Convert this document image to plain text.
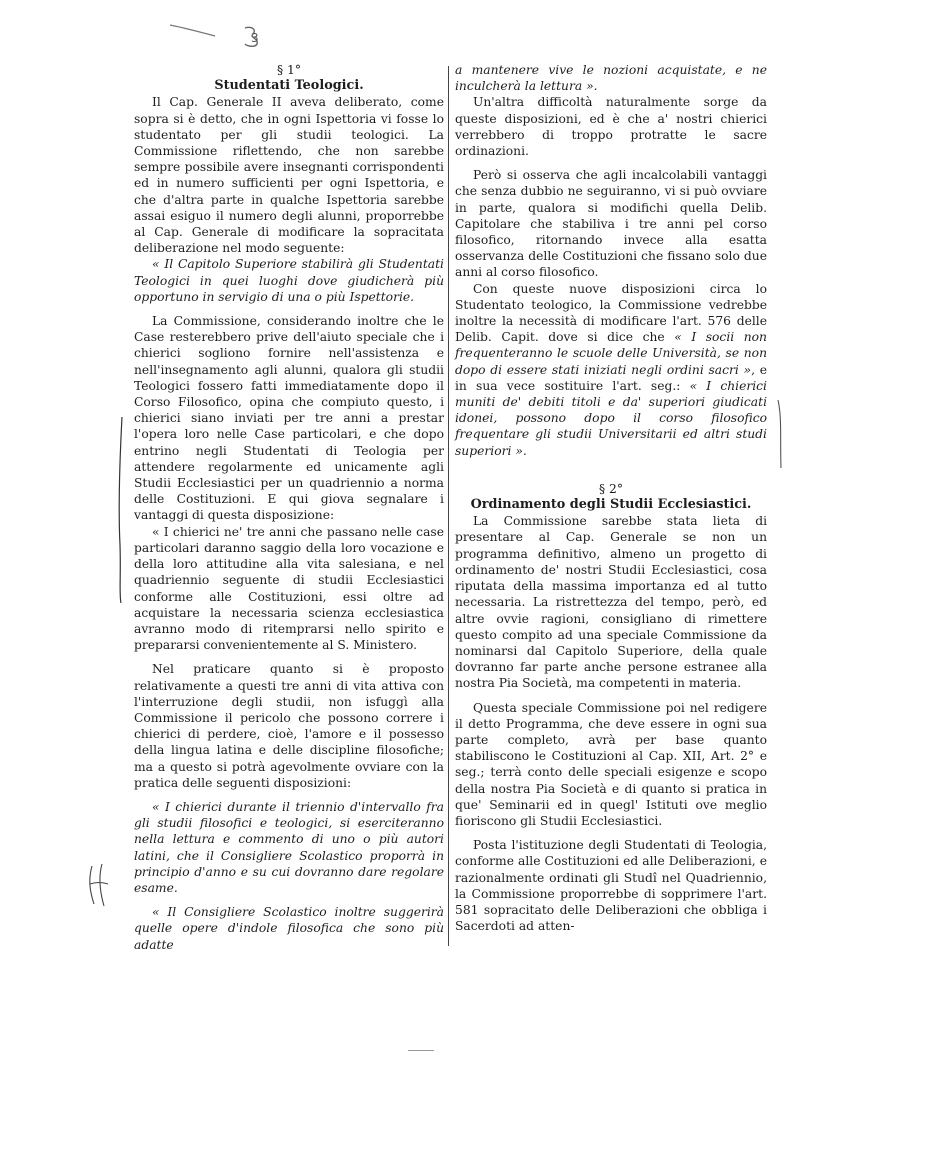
3

§ 1°

Studentati Teologici.

Il Cap. Generale II aveva deliberato, come sopra si è detto, che in ogni Ispettoria vi fosse lo studentato per gli studii teologici. La Commissione riflettendo, che non sarebbe sempre possibile avere insegnanti corrispondenti ed in numero sufficienti per ogni Ispettoria, e che d'altra parte in qualche Ispettoria sarebbe assai esiguo il numero degli alunni, proporrebbe al Cap. Generale di modificare la sopracitata deliberazione nel modo seguente:

« Il Capitolo Superiore stabilirà gli Studentati Teologici in quei luoghi dove giudicherà più opportuno in servigio di una o più Ispettorie.

La Commissione, considerando inoltre che le Case resterebbero prive dell'aiuto speciale che i chierici sogliono fornire nell'assistenza e nell'insegnamento agli alunni, qualora gli studii Teologici fossero fatti immediatamente dopo il Corso Filosofico, opina che compiuto questo, i chierici siano inviati per tre anni a prestar l'opera loro nelle Case particolari, e che dopo entrino negli Studentati di Teologia per attendere regolarmente ed unicamente agli Studii Ecclesiastici per un quadriennio a norma delle Costituzioni. E qui giova segnalare i vantaggi di questa disposizione:

« I chierici ne' tre anni che passano nelle case particolari daranno saggio della loro vocazione e della loro attitudine alla vita salesiana, e nel quadriennio seguente di studii Ecclesiastici conforme alle Costituzioni, essi oltre ad acquistare la necessaria scienza ecclesiastica avranno modo di ritemprarsi nello spirito e prepararsi convenientemente al S. Ministero.

Nel praticare quanto si è proposto relativamente a questi tre anni di vita attiva con l'interruzione degli studii, non isfuggì alla Commissione il pericolo che possono correre i chierici di perdere, cioè, l'amore e il possesso della lingua latina e delle discipline filosofiche; ma a questo si potrà agevolmente ovviare con la pratica delle seguenti disposizioni:

« I chierici durante il triennio d'intervallo fra gli studii filosofici e teologici, si eserciteranno nella lettura e commento di uno o più autori latini, che il Consigliere Scolastico proporrà in principio d'anno e su cui dovranno dare regolare esame.

« Il Consigliere Scolastico inoltre suggerirà quelle opere d'indole filosofica che sono più adatte

a mantenere vive le nozioni acquistate, e ne inculcherà la lettura ».

Un'altra difficoltà naturalmente sorge da queste disposizioni, ed è che a' nostri chierici verrebbero di troppo protratte le sacre ordinazioni.

Però si osserva che agli incalcolabili vantaggi che senza dubbio ne seguiranno, vi si può ovviare in parte, qualora si modifichi quella Delib. Capitolare che stabiliva i tre anni pel corso filosofico, ritornando invece alla esatta osservanza delle Costituzioni che fissano solo due anni al corso filosofico.

Con queste nuove disposizioni circa lo Studentato teologico, la Commissione vedrebbe inoltre la necessità di modificare l'art. 576 delle Delib. Capit. dove si dice che « I socii non frequenteranno le scuole delle Università, se non dopo di essere stati iniziati negli ordini sacri », e in sua vece sostituire l'art. seg.: « I chierici muniti de' debiti titoli e da' superiori giudicati idonei, possono dopo il corso filosofico frequentare gli studii Universitarii ed altri studi superiori ».

§ 2°

Ordinamento degli Studii Ecclesiastici.

La Commissione sarebbe stata lieta di presentare al Cap. Generale se non un programma definitivo, almeno un progetto di ordinamento de' nostri Studii Ecclesiastici, cosa riputata della massima importanza ed al tutto necessaria. La ristrettezza del tempo, però, ed altre ovvie ragioni, consigliano di rimettere questo compito ad una speciale Commissione da nominarsi dal Capitolo Superiore, della quale dovranno far parte anche persone estranee alla nostra Pia Società, ma competenti in materia.

Questa speciale Commissione poi nel redigere il detto Programma, che deve essere in ogni sua parte completo, avrà per base quanto stabiliscono le Costituzioni al Cap. XII, Art. 2° e seg.; terrà conto delle speciali esigenze e scopo della nostra Pia Società e di quanto si pratica in que' Seminarii ed in quegl' Istituti ove meglio fioriscono gli Studii Ecclesiastici.

Posta l'istituzione degli Studentati di Teologia, conforme alle Costituzioni ed alle Deliberazioni, e razionalmente ordinati gli Studî nel Quadriennio, la Commissione proporrebbe di sopprimere l'art. 581 sopracitato delle Deliberazioni che obbliga i Sacerdoti ad atten-
